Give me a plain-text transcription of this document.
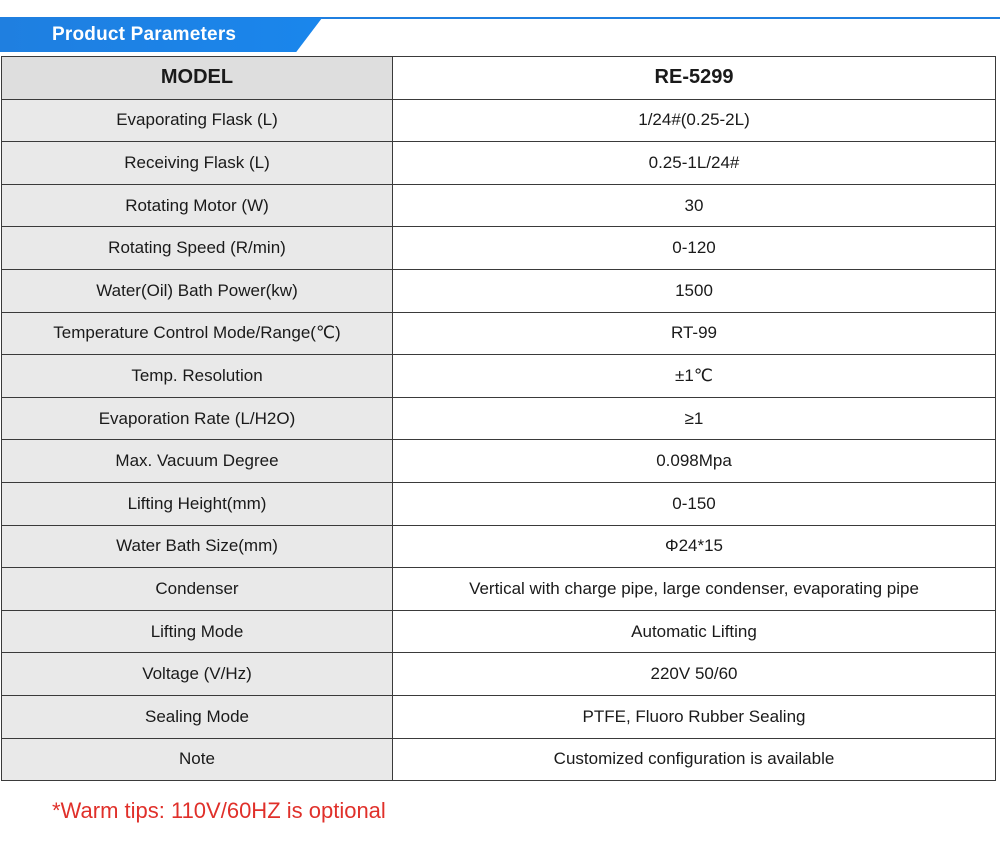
Product Parameters
MODEL	RE-5299
Evaporating Flask (L)	1/24#(0.25-2L)
Receiving Flask (L)	0.25-1L/24#
Rotating Motor (W)	30
Rotating Speed (R/min)	0-120
Water(Oil) Bath Power(kw)	1500
Temperature Control Mode/Range(℃)	RT-99
Temp. Resolution	±1℃
Evaporation Rate (L/H2O)	≥1
Max. Vacuum Degree	0.098Mpa
Lifting Height(mm)	0-150
Water Bath Size(mm)	Φ24*15
Condenser	Vertical with charge pipe, large condenser, evaporating pipe
Lifting Mode	Automatic Lifting
Voltage (V/Hz)	220V 50/60
Sealing Mode	PTFE, Fluoro Rubber Sealing
Note	Customized configuration is available
*Warm tips: 110V/60HZ is optional
